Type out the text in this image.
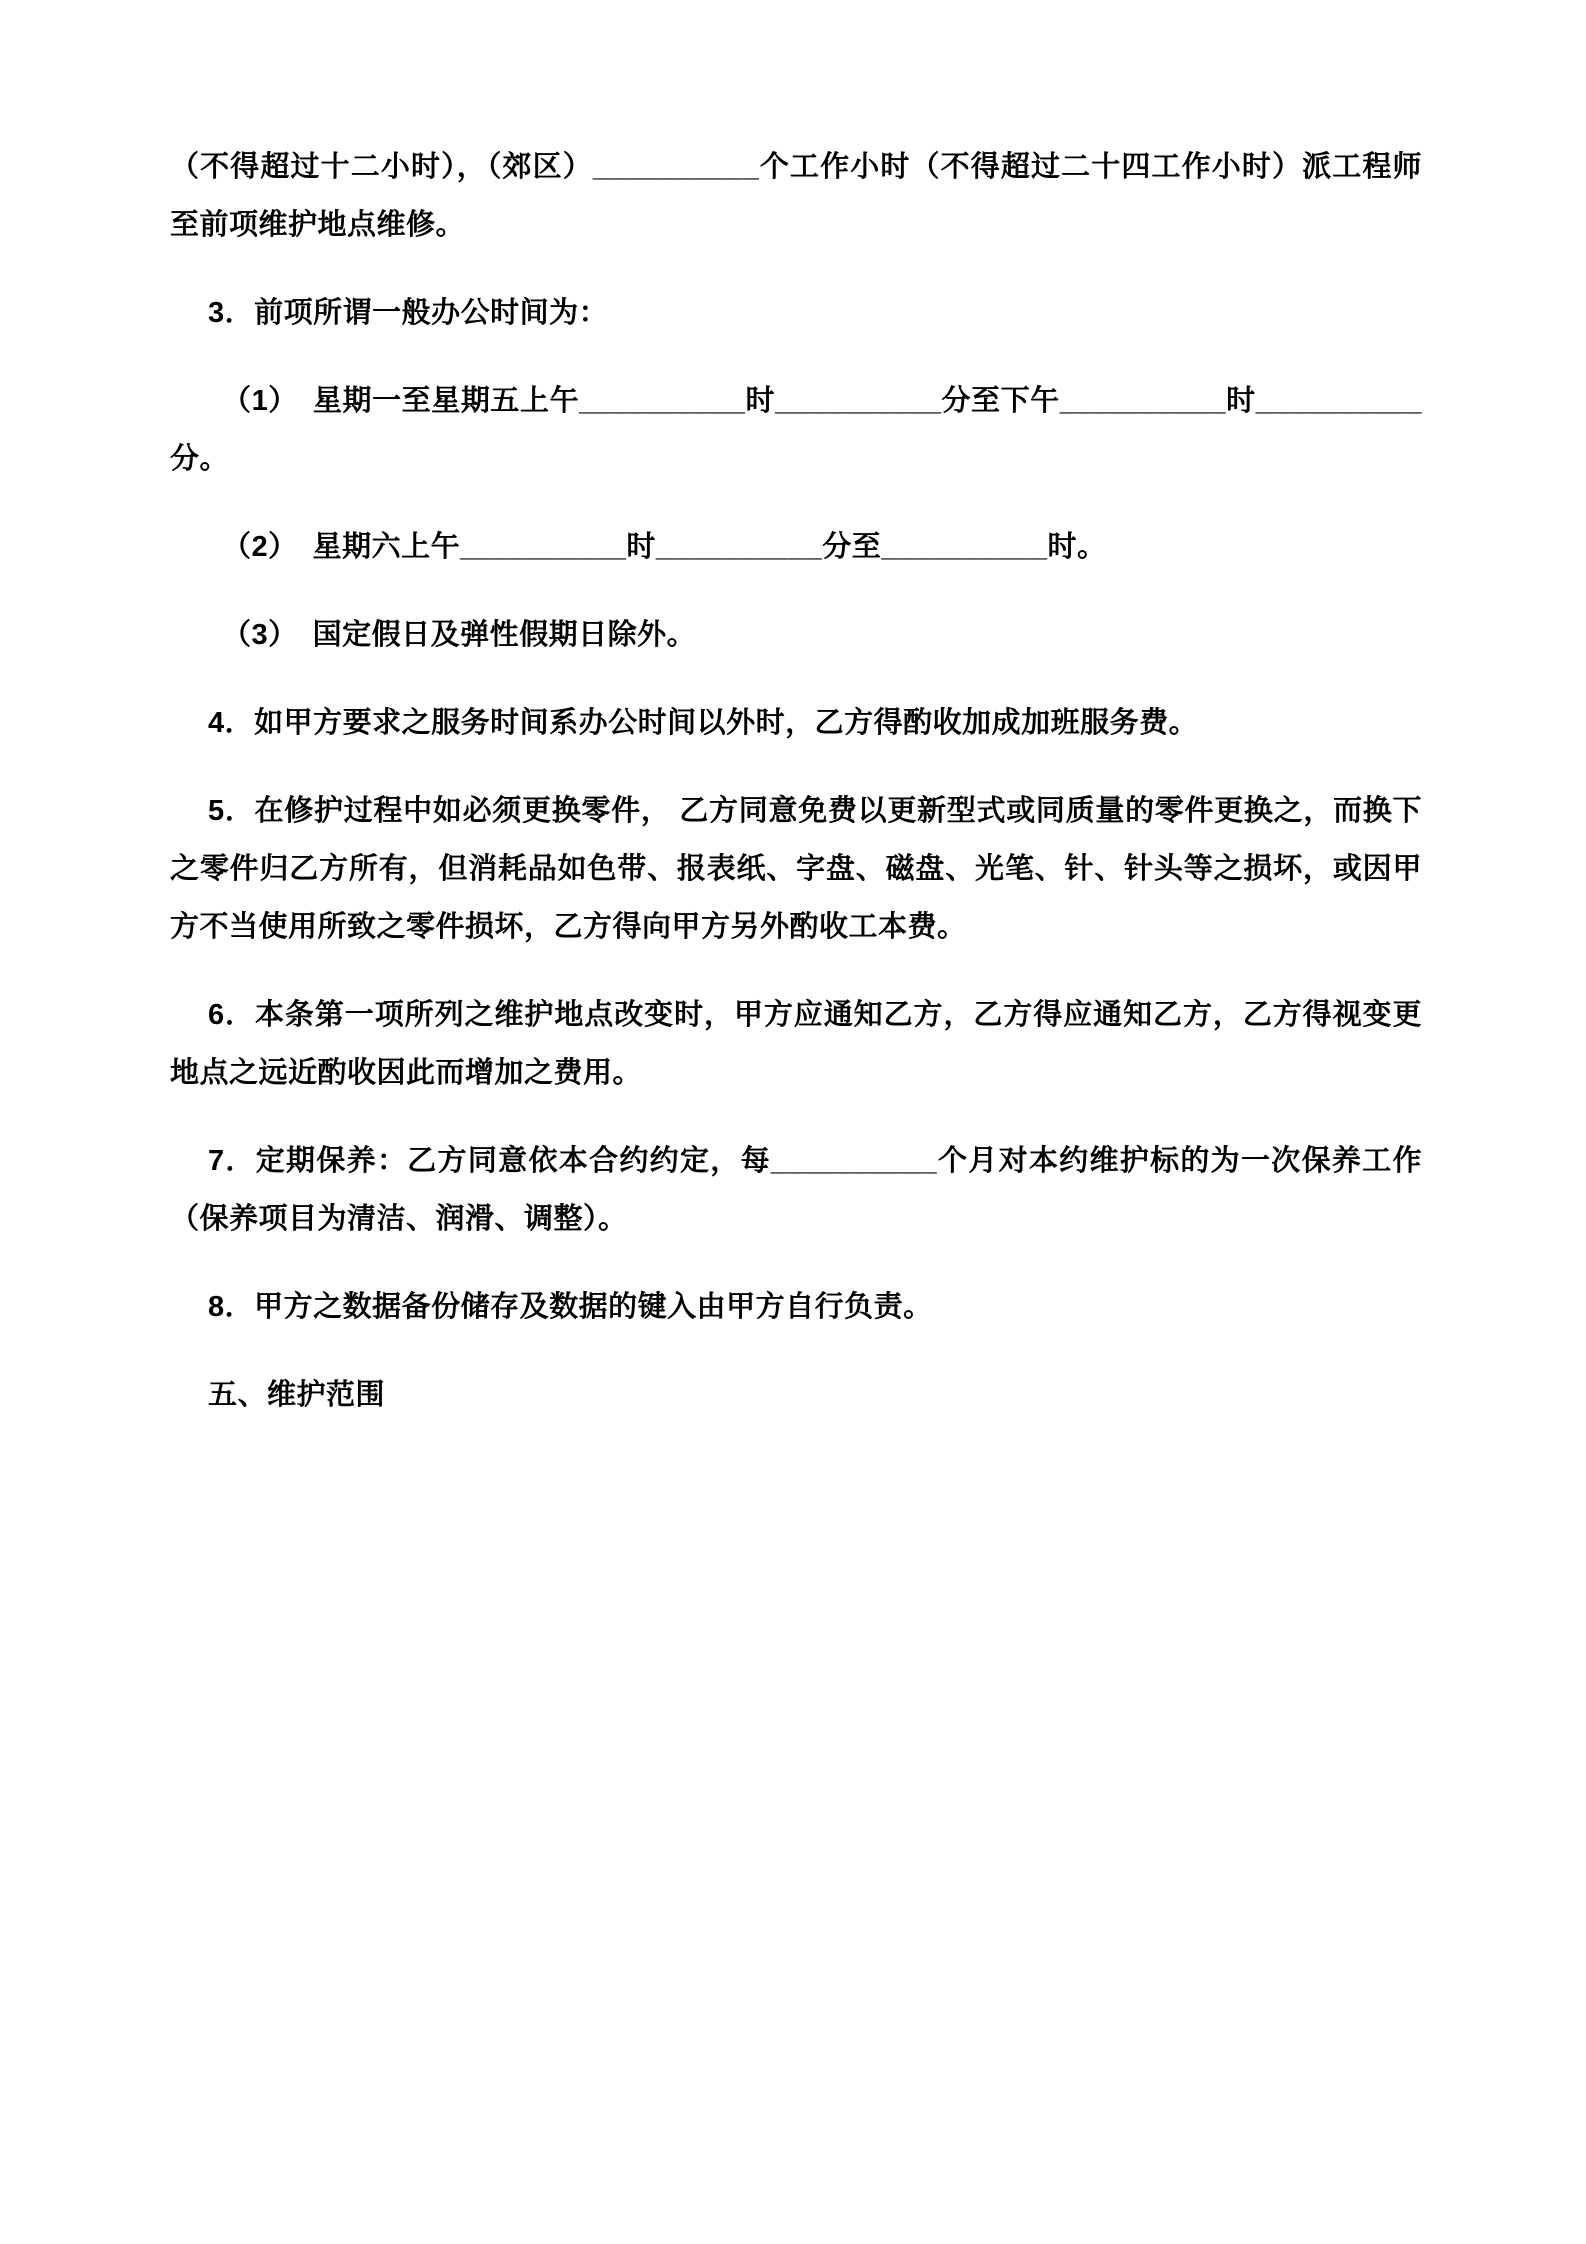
（不得超过十二小时），（郊区）__________个工作小时（不得超过二十四工作小时）派工程师至前项维护地点维修。

3．前项所谓一般办公时间为：

（1）　星期一至星期五上午__________时__________分至下午__________时__________分。

（2）　星期六上午__________时__________分至__________时。

（3）　国定假日及弹性假期日除外。

4．如甲方要求之服务时间系办公时间以外时，乙方得酌收加成加班服务费。

5．在修护过程中如必须更换零件， 乙方同意免费以更新型式或同质量的零件更换之，而换下之零件归乙方所有，但消耗品如色带、报表纸、字盘、磁盘、光笔、针、针头等之损坏，或因甲方不当使用所致之零件损坏，乙方得向甲方另外酌收工本费。

6．本条第一项所列之维护地点改变时，甲方应通知乙方，乙方得应通知乙方，乙方得视变更地点之远近酌收因此而增加之费用。

7．定期保养：乙方同意依本合约约定，每__________个月对本约维护标的为一次保养工作（保养项目为清洁、润滑、调整）。

8．甲方之数据备份储存及数据的键入由甲方自行负责。

五、维护范围
